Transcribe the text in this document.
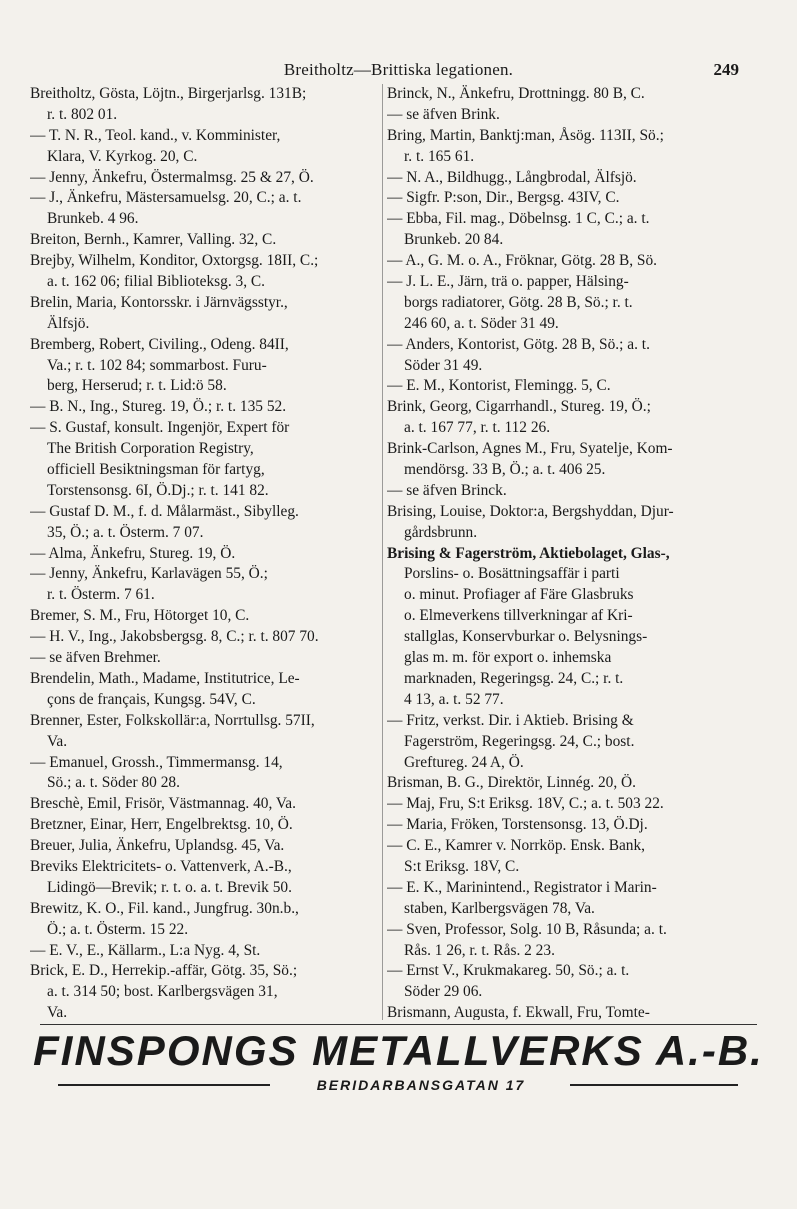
Breitholtz—Brittiska legationen.	249
Breitholtz, Gösta, Löjtn., Birgerjarlsg. 131B;
r. t. 802 01.
— T. N. R., Teol. kand., v. Komminister,
Klara, V. Kyrkog. 20, C.
— Jenny, Änkefru, Östermalmsg. 25 & 27, Ö.
— J., Änkefru, Mästersamuelsg. 20, C.; a. t.
Brunkeb. 4 96.
Breiton, Bernh., Kamrer, Valling. 32, C.
Brejby, Wilhelm, Konditor, Oxtorgsg. 18II, C.;
a. t. 162 06; filial Biblioteksg. 3, C.
Brelin, Maria, Kontorsskr. i Järnvägsstyr.,
Älfsjö.
Bremberg, Robert, Civiling., Odeng. 84II,
Va.; r. t. 102 84; sommarbost. Furu-
berg, Herserud; r. t. Lid:ö 58.
— B. N., Ing., Stureg. 19, Ö.; r. t. 135 52.
— S. Gustaf, konsult. Ingenjör, Expert för
The British Corporation Registry,
officiell Besiktningsman för fartyg,
Torstensonsg. 6I, Ö.Dj.; r. t. 141 82.
— Gustaf D. M., f. d. Målarmäst., Sibylleg.
35, Ö.; a. t. Österm. 7 07.
— Alma, Änkefru, Stureg. 19, Ö.
— Jenny, Änkefru, Karlavägen 55, Ö.;
r. t. Österm. 7 61.
Bremer, S. M., Fru, Hötorget 10, C.
— H. V., Ing., Jakobsbergsg. 8, C.; r. t. 807 70.
— se äfven Brehmer.
Brendelin, Math., Madame, Institutrice, Le-
çons de français, Kungsg. 54V, C.
Brenner, Ester, Folkskollär:a, Norrtullsg. 57II,
Va.
— Emanuel, Grossh., Timmermansg. 14,
Sö.; a. t. Söder 80 28.
Breschè, Emil, Frisör, Västmannag. 40, Va.
Bretzner, Einar, Herr, Engelbrektsg. 10, Ö.
Breuer, Julia, Änkefru, Uplandsg. 45, Va.
Breviks Elektricitets- o. Vattenverk, A.-B.,
Lidingö—Brevik; r. t. o. a. t. Brevik 50.
Brewitz, K. O., Fil. kand., Jungfrug. 30n.b.,
Ö.; a. t. Österm. 15 22.
— E. V., E., Källarm., L:a Nyg. 4, St.
Brick, E. D., Herrekip.-affär, Götg. 35, Sö.;
a. t. 314 50; bost. Karlbergsvägen 31,
Va.
Brinck, N., Änkefru, Drottningg. 80 B, C.
— se äfven Brink.
Bring, Martin, Banktj:man, Åsög. 113II, Sö.;
r. t. 165 61.
— N. A., Bildhugg., Långbrodal, Älfsjö.
— Sigfr. P:son, Dir., Bergsg. 43IV, C.
— Ebba, Fil. mag., Döbelnsg. 1 C, C.; a. t.
Brunkeb. 20 84.
— A., G. M. o. A., Fröknar, Götg. 28 B, Sö.
— J. L. E., Järn, trä o. papper, Hälsing-
borgs radiatorer, Götg. 28 B, Sö.; r. t.
246 60, a. t. Söder 31 49.
— Anders, Kontorist, Götg. 28 B, Sö.; a. t.
Söder 31 49.
— E. M., Kontorist, Flemingg. 5, C.
Brink, Georg, Cigarrhandl., Stureg. 19, Ö.;
a. t. 167 77, r. t. 112 26.
Brink-Carlson, Agnes M., Fru, Syatelje, Kom-
mendörsg. 33 B, Ö.; a. t. 406 25.
— se äfven Brinck.
Brising, Louise, Doktor:a, Bergshyddan, Djur-
gårdsbrunn.
Brising & Fagerström, Aktiebolaget, Glas-,
Porslins- o. Bosättningsaffär i parti
o. minut. Profiager af Färe Glasbruks
o. Elmeverkens tillverkningar af Kri-
stallglas, Konservburkar o. Belysnings-
glas m. m. för export o. inhemska
marknaden, Regeringsg. 24, C.; r. t.
4 13, a. t. 52 77.
— Fritz, verkst. Dir. i Aktieb. Brising &
Fagerström, Regeringsg. 24, C.; bost.
Greftureg. 24 A, Ö.
Brisman, B. G., Direktör, Linnég. 20, Ö.
— Maj, Fru, S:t Eriksg. 18V, C.; a. t. 503 22.
— Maria, Fröken, Torstensonsg. 13, Ö.Dj.
— C. E., Kamrer v. Norrköp. Ensk. Bank,
S:t Eriksg. 18V, C.
— E. K., Marinintend., Registrator i Marin-
staben, Karlbergsvägen 78, Va.
— Sven, Professor, Solg. 10 B, Råsunda; a. t.
Rås. 1 26, r. t. Rås. 2 23.
— Ernst V., Krukmakareg. 50, Sö.; a. t.
Söder 29 06.
Brismann, Augusta, f. Ekwall, Fru, Tomte-
FINSPONGS METALLVERKS A.-B.
BERIDARBANSGATAN 17
